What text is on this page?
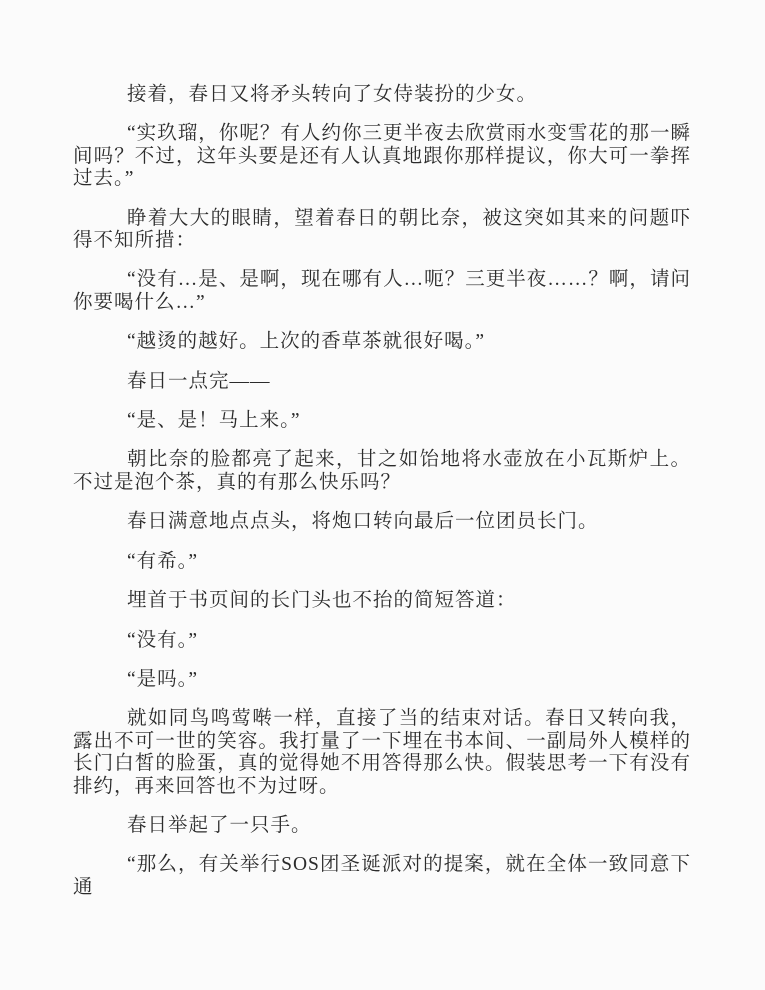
接着，春日又将矛头转向了女侍装扮的少女。

“实玖瑠，你呢？有人约你三更半夜去欣赏雨水变雪花的那一瞬间吗？不过，这年头要是还有人认真地跟你那样提议，你大可一拳挥过去。”

睁着大大的眼睛，望着春日的朝比奈，被这突如其来的问题吓得不知所措：

“没有…是、是啊，现在哪有人…呃？三更半夜……？啊，请问你要喝什么…”

“越烫的越好。上次的香草茶就很好喝。”

春日一点完——

“是、是！马上来。”

朝比奈的脸都亮了起来，甘之如饴地将水壶放在小瓦斯炉上。不过是泡个茶，真的有那么快乐吗？

春日满意地点点头，将炮口转向最后一位团员长门。

“有希。”

埋首于书页间的长门头也不抬的简短答道：

“没有。”

“是吗。”

就如同鸟鸣莺啭一样，直接了当的结束对话。春日又转向我，露出不可一世的笑容。我打量了一下埋在书本间、一副局外人模样的长门白皙的脸蛋，真的觉得她不用答得那么快。假装思考一下有没有排约，再来回答也不为过呀。

春日举起了一只手。

“那么，有关举行SOS团圣诞派对的提案，就在全体一致同意下通
